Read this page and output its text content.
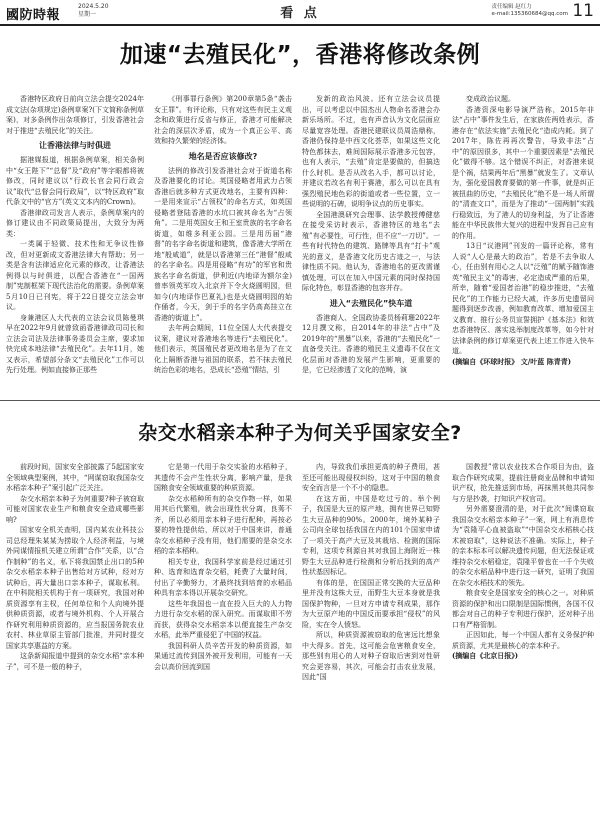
國防時報
2024.5.20
星期一	看 点	责任编辑 赵红力
e-mail:135360684@qq.com 11
加速“去殖民化”，香港将修改条例

香港特区政府日前向立法会提交2024年成文法(杂项规定)条例草案?(下文简称条例草案)，对多条例作出杂项修订，引发香港社会对于推进“去殖民化”的关注。

让香港法律与时俱进

据港媒报道，根据条例草案，相关条例中“女王陛下”“总督”及“政府”等字眼都将被修改，同时建议以“行政长官会同行政会议”取代“总督会同行政局”，以“特区政府”取代条文中的“官方”(英文文本内的Crown)。

香港律政司发言人表示，条例草案内的修订建议由不同政策局提出，大致分为两类：

一类属于轻微、技术性和无争议性修改，但对更新成文香港法律大有帮助；另一类是含有法律适应化元素的修改，让香港法例得以与时俱进，以配合香港在“一国两制”宪制框架下现代法治化的需要。条例草案5月10日已刊宪，将于22日提交立法会审议。

身兼港区人大代表的立法会议员陈曼琪早在2022年9月就曾致函香港律政司司长和立法会司法及法律事务委员会主席，要求加快完成本地法律“去殖民化”。去年11月，她又表示，希望部分条文“去殖民化”工作可以先行处理。例如直接修正那些

《刑事罪行条例》第200章第5条“袭击女王罪”。有评论称，只有对这些有民主义观念和政策进行反省与修正，香港才可能解决社会的深层次矛盾，成为一个真正公平、高效和持久繁荣的经济体。

地名是否应该修改?

法例的修改引发香港社会对于街道名称及香港要化的讨论。英国侵略者用武力占领香港后就多种方式更改地名，主要有四种：一是用来宣示“占领权”的命名方式，如英国侵略者登陆香港的水坑口被其命名为“占领角”。二是用英国女王和王室贵族的名字命名街道，如维多利亚公园。三是用历届“港督”的名字命名街道和建筑，像香港大学所在地“般咸道”，就是以香港第三任“港督”般咸的名字命名。四是用侵略“有功”的军官和贵族名字命名街道，伊利近(内地译为额尔金)曾率领英军攻入北京并下令火烧圆明园，但如今(内地译作巴夏礼)也是火烧圆明园的始作俑者，今天，剑于手的名字仍高高挂立在香港的街道上”。

去年两会期间，11位全国人大代表提交议案，建议对香港地名等进行“去殖民化”。他们表示，英国殖民者更改地名是为了在文化上隔断香港与祖国的联系，若不抹去殖民统治色彩的地名，恐成长“恐殖”情结，引

发新的政治风波。还有立法会议员提出，可以考虑以中国杰出人物命名香港会办新乐场所。不过，也有声音认为文化层面应尽量宽容处理。香港民建联议员周浩鼎称，香港仍保持是中西文化荟萃，如果这些文化特色都抹去，难间国际展示香港多元包容，也有人表示，“去殖”肯定是要做的，但搞迭什么时机。是否从改名入手，都可以讨论，并建议若改名有利于赛港，那么可以在具有强烈殖民地色彩的街道或者一些位置，立一些说明的石碑，说明争议点的历史事实。

全国港澳研究会理事、法学教授傅健慈在接受采访时表示，香港特区的地名“去殖”有必要性，可行性，但不应“一刀切”。一些有时代特色的建筑、路牌等具有“打卡”观光的意义，是香港文化历史古迹之一，与法律性质不同。他认为，香港地名的更改需谨慎处理，可以在加入中国元素的同时保持国际化特色，彰显香港的包容并存。

进入“去殖民化”快车道

香港商人、全国政协委员杨莉珊2022年12月撰文称，自2014年的非法“占中”及2019年的“黑暴”以来，香港的“去殖民化”一直备受关注。香港的殖民主义遗毒不仅在文化层面对香港的发展产生影响，更重要的是，它已经渗透了文化的范畴，演

变成政治议题。

香港资深电影导演严浩称，2015年非法“占中”事件发生后，在家族佐两姓表示，香港存在“依法实施”去殖民化“造成内耗。到了2017年，陈佐再再次警告，导致非法“占中”的原因很多，其中一个重要因素是“去殖民化”做得不够。这个错误不纠正，对香港来说是个祸，结果两年后“黑暴”就发生了。文章认为，强化爱国教育要做的第一件事，就是纠正被扭曲的历史，“去殖民化”绝不是一场人所谓的“清查文口”，而是为了推动“一国两制”实践行稳致远，为了港人的切身利益，为了让香港能在中华民族伟大复兴的进程中发挥自己应有的作用。

13日“议港网”刊发的一篇评论称，常有人说“人心是最大的政治”，若是不去争取人心，任由别有用心之人以“泛殖”的赋予随饰港英“殖民主义”的毒害，必定造成严重的后果，所幸，随着“爱国者治港”的稳步推进，“去殖民化”的工作能力已经大减，许多历史遗留问题得到逐步改善，例如教育改革、增加爱国主义教育、推行公务员宣誓拥护《基本法》和效忠香港特区、落实选举制度改革等，如今针对法律条例的修订草案更代表上述工作进入快车道。

(摘编自《环球时报》 文/叶蓝 陈青青)

杂交水稻亲本种子为何关乎国家安全?

前段时间，国家安全部披露了5起国家安全领域典型案例，其中，“网谋窃取我国杂交水稻亲本种子”案引起广泛关注。

杂交水稻亲本种子为何重要?种子被窃取可能对国家农业生产和粮食安全造成哪些影响?

国家安全机关查明，国内某农业科技公司总经理朱某某为捞取个人经济利益，与境外同谋情报机关建立所谓“合作”关系，以“合作制种”的名义，私下将我国禁止出口的5种杂交水稻亲本种子出售给对方试种，经对方试种后，再大量出口亲本种子，谋取私利。在中科院相关机构于有一项研究，我国对种质资源享有主权，任何单位和个人向境外提供种质资源，或者与境外机构、个人开展合作研究利用种质资源的，应当报国务院农业农村、林业草原主管部门批准，并同时提交国家共享惠益的方案。

这条新闻报道中提到的杂交水稻“亲本种子”，可不是一般的种子，

它是第一代用于杂交实验的水稻种子，其遗传不会产生性状分离，影响产量，是我国粮食安全领域重要的种质资源。

杂交水稻种所有的杂交作物一样，如果用其后代繁殖，就会出现性状分离，良莠不齐，所以必须用亲本种子进行配种，再按必要的特性提供给，所以对于中国来讲，普通杂交水稻种子没有用，他们需要的是杂交水稻的亲本稻种。

相关专业，我国科学家前是经过通过引种、选育和选育杂交稻，耗费了大量时间，付出了辛勤努力，才最终找到培育的水稻品种具有亲本得以开展杂交研究。

这些年我国也一直在投入巨大的人力物力进行杂交水稻的深入研究。而谋取即不劳而获，获得杂交水稻亲本以便直接生产杂交水稻，此举严重侵犯了中国的权益。

我国科研人员辛苦开发的种质资源，如果通过流传到国外被开发利用，可能有一天会以高价回流到国

内，导致我们承担更高的种子费用，甚至还可能出现侵权纠纷，这对于中国的粮食安全而言是一个不小的隐患。

在这方面，中国是吃过亏的。举个例子，我国是大豆的原产地，拥有世界已知野生大豆品种的90%。2000年，境外某种子公司向全球包括我国在内的101个国家申请了一项关于高产大豆及其栽培、检测的国际专利，这项专利源自其对我国上海附近一株野生大豆品种进行检测和分析后找到的高产性状基因标记。

有体的是，在国国正常交换的大豆品种里并没有这株大豆，而野生大豆本身就是我国保护物种，一旦对方申请专利成果，那作为大豆原产地的中国反而要承担“侵权”的风险，实在令人愤怒。

所以，种质资源被窃取的危害远比想象中大得多。首先，这可能会危害粮食安全，那些别有用心的人对种子窃取后害到对性研究会更容易，其次，可能会打击农业发展，因此“国

国教授”常以农业技术合作项目为由，盗取合作研究成果，提前注册商业品牌和申请知识产权，抢先推送到市场，再抹黑其他共同参与方是抄袭，打知识产权官司。

另外需要澄清的是，对于此次“间谍窃取我国杂交水稻亲本种子”一案，网上有消息传为“袁隆平心血被盗取”“中国杂交水稻核心技术被窃取”，这种说法不准确。实际上，种子的亲本标本可以解决遗传问题，但无法保证或维持杂交水稻稳定，袁隆平曾也在一千个失败的杂交水稻品种中进行这一研究，证明了我国在杂交水稻技术的领先。

粮食安全是国家安全的核心之一。对种质资源的保护和出口限制是国际惯例，各国不仅都会对自己的种子专利进行保护，还对种子出口有严格管制。

正因如此，每一个中国人都有义务保护种质资源，尤其是最核心的亲本种子。

(摘编自《北京日报》)
